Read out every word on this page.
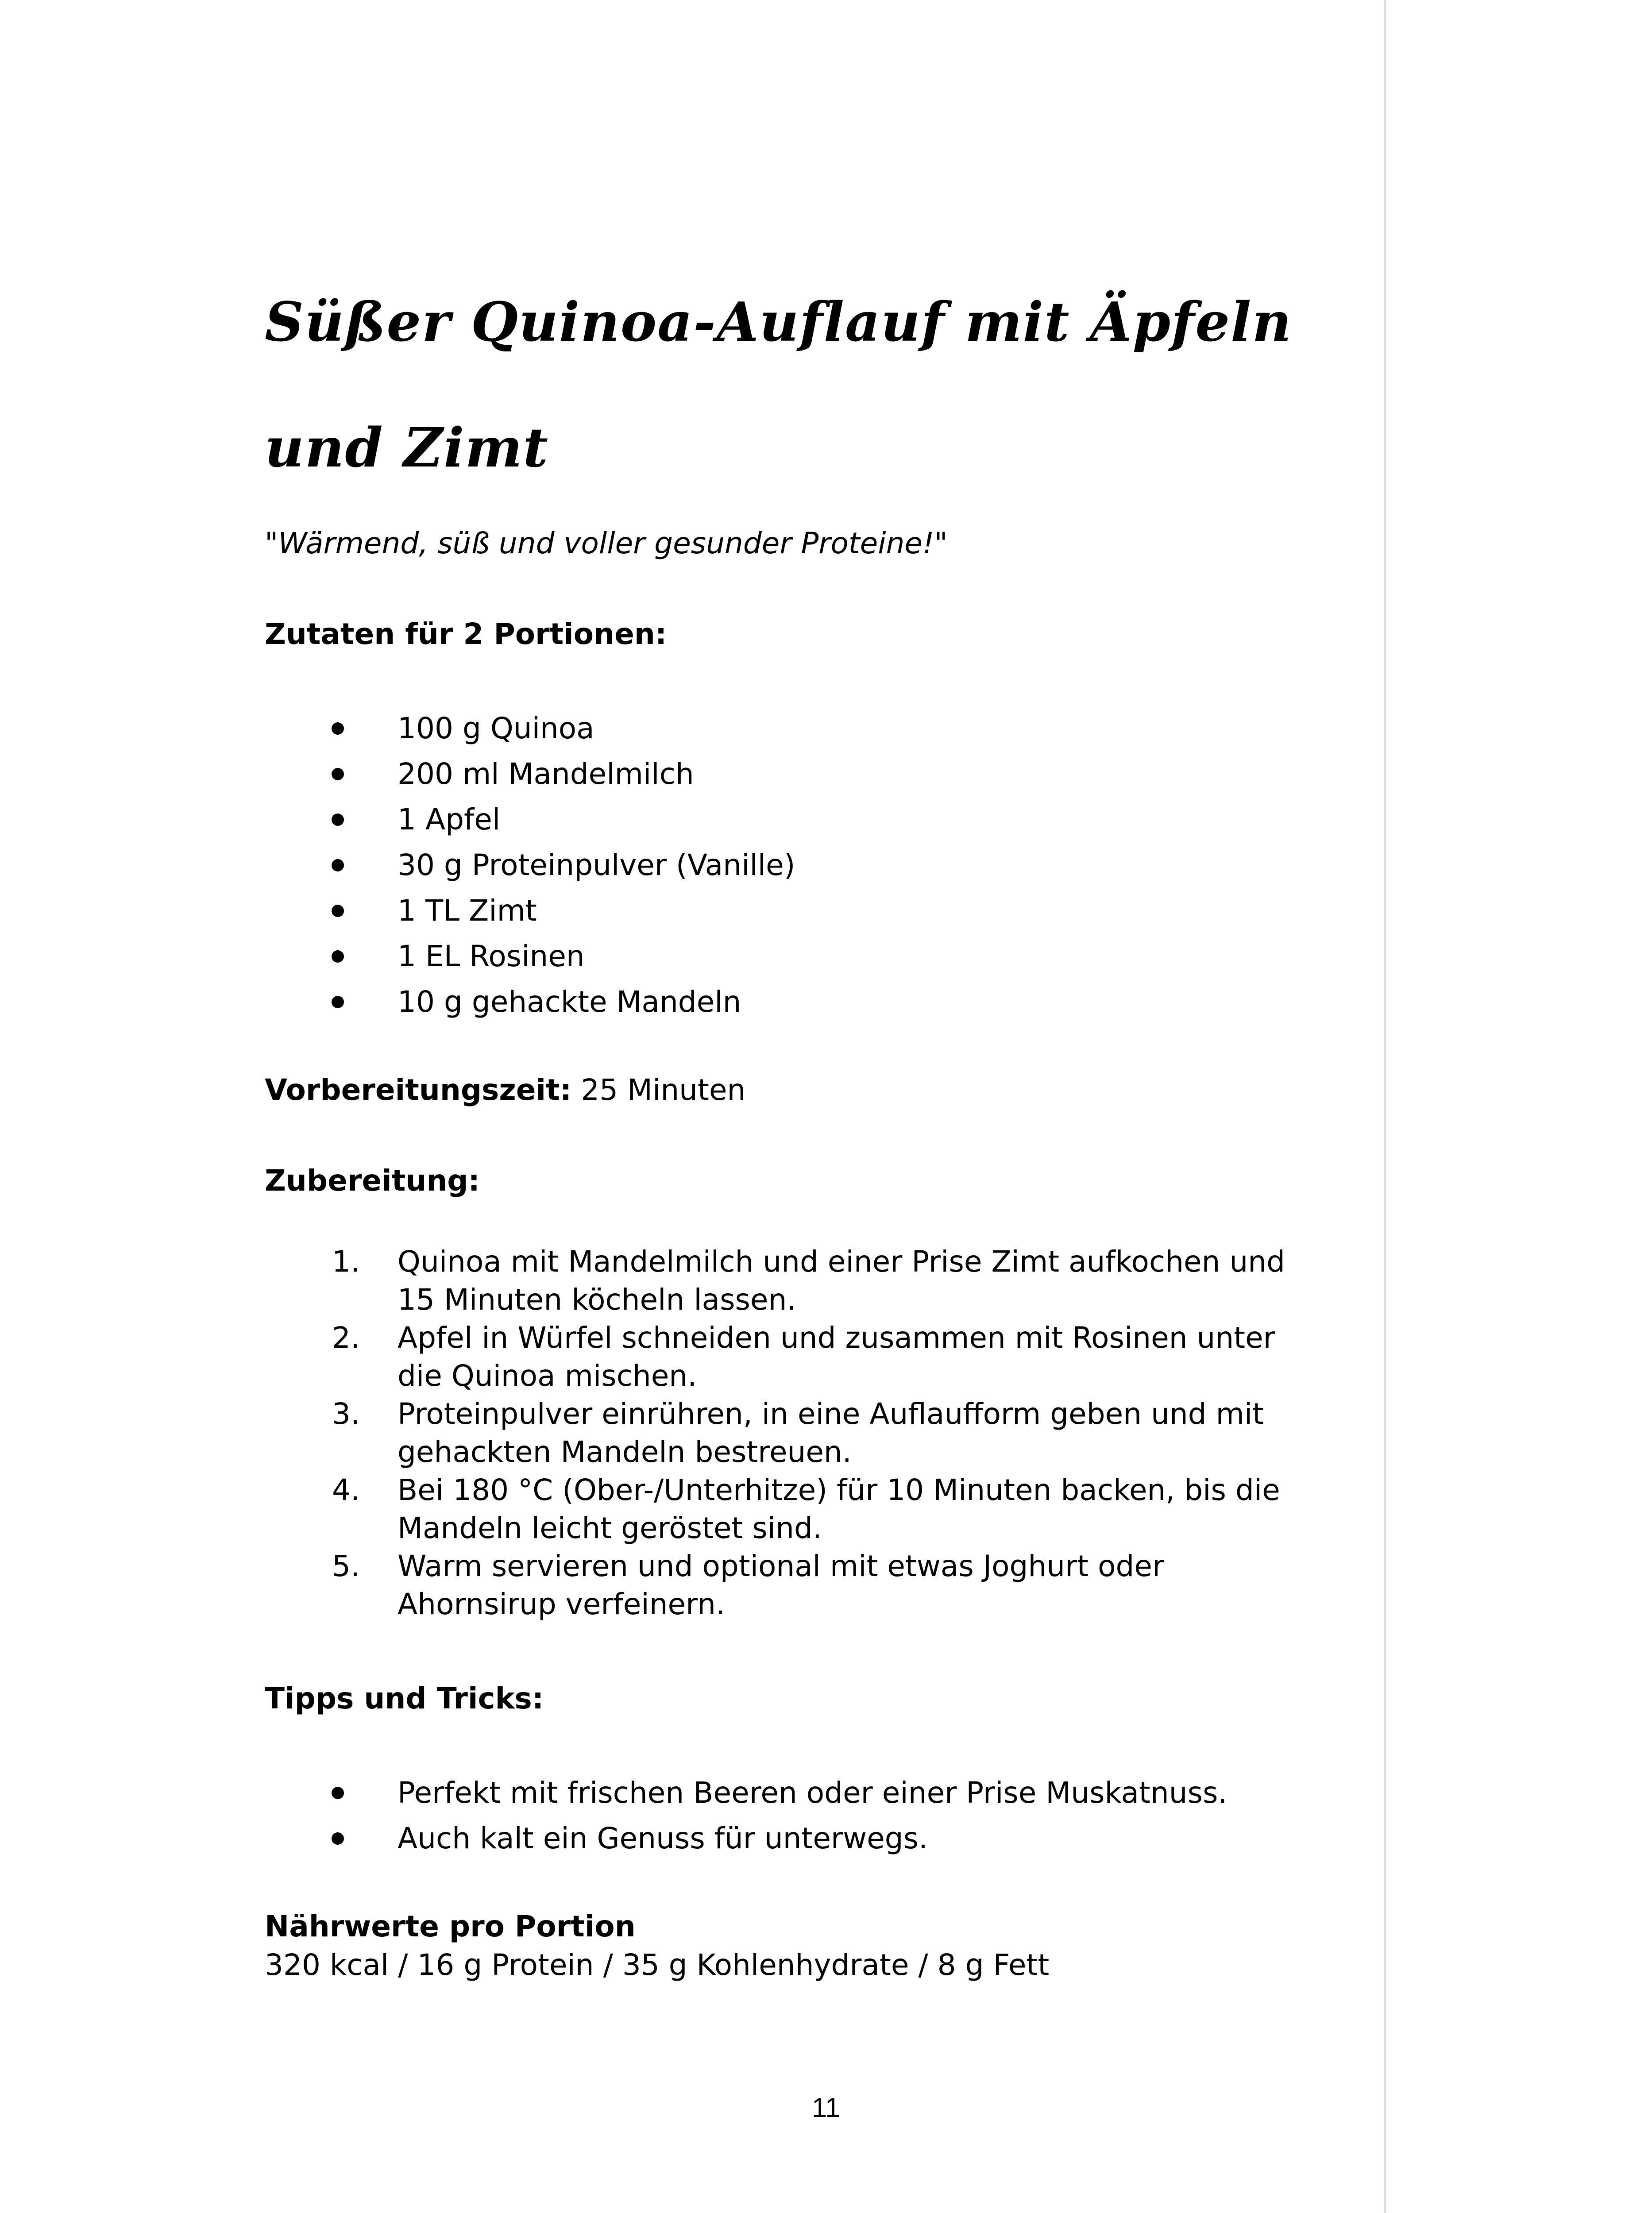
Süßer Quinoa-Auflauf mit Äpfeln und Zimt
"Wärmend, süß und voller gesunder Proteine!"
Zutaten für 2 Portionen:
100 g Quinoa
200 ml Mandelmilch
1 Apfel
30 g Proteinpulver (Vanille)
1 TL Zimt
1 EL Rosinen
10 g gehackte Mandeln
Vorbereitungszeit: 25 Minuten
Zubereitung:
1. Quinoa mit Mandelmilch und einer Prise Zimt aufkochen und 15 Minuten köcheln lassen.
2. Apfel in Würfel schneiden und zusammen mit Rosinen unter die Quinoa mischen.
3. Proteinpulver einrühren, in eine Auflaufform geben und mit gehackten Mandeln bestreuen.
4. Bei 180 °C (Ober-/Unterhitze) für 10 Minuten backen, bis die Mandeln leicht geröstet sind.
5. Warm servieren und optional mit etwas Joghurt oder Ahornsirup verfeinern.
Tipps und Tricks:
Perfekt mit frischen Beeren oder einer Prise Muskatnuss.
Auch kalt ein Genuss für unterwegs.
Nährwerte pro Portion
320 kcal / 16 g Protein / 35 g Kohlenhydrate / 8 g Fett
11
